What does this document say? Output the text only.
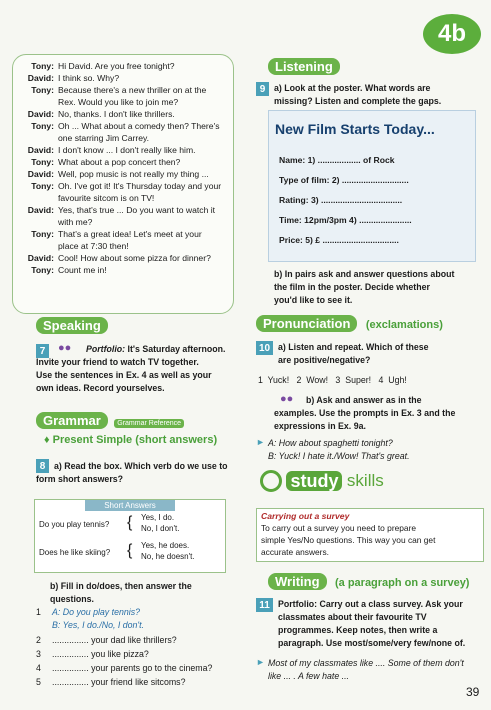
4b
Tony: Hi David. Are you free tonight?
David: I think so. Why?
Tony: Because there's a new thriller on at the Rex. Would you like to join me?
David: No, thanks. I don't like thrillers.
Tony: Oh ... What about a comedy then? There's one starring Jim Carrey.
David: I don't know ... I don't really like him.
Tony: What about a pop concert then?
David: Well, pop music is not really my thing ...
Tony: Oh. I've got it! It's Thursday today and your favourite sitcom is on TV!
David: Yes, that's true ... Do you want to watch it with me?
Tony: That's a great idea! Let's meet at your place at 7:30 then!
David: Cool! How about some pizza for dinner?
Tony: Count me in!
Speaking
7	●● Portfolio: It's Saturday afternoon.
Invite your friend to watch TV together.
Use the sentences in Ex. 4 as well as your
own ideas. Record yourselves.
Grammar Grammar Reference
♦ Present Simple (short answers)
8 a) Read the box. Which verb do we use to
form short answers?
Short Answers
Do you play tennis? { Yes, I do.
No, I don't.
Does he like skiing? { Yes, he does.
No, he doesn't.
b) Fill in do/does, then answer the
questions.
1 A: Do you play tennis?
B: Yes, I do./No, I don't.
2 ............... your dad like thrillers?
3 ............... you like pizza?
4 ............... your parents go to the cinema?
5 ............... your friend like sitcoms?
Listening
9 a) Look at the poster. What words are
missing? Listen and complete the gaps.
New Film Starts Today...
Name: 1) .................. of Rock
Type of film: 2) ............................
Rating: 3) ..................................
Time: 12pm/3pm 4) ......................
Price: 5) £ ................................
b) In pairs ask and answer questions about
the film in the poster. Decide whether
you'd like to see it.
Pronunciation (exclamations)
10 a) Listen and repeat. Which of these
are positive/negative?
1  Yuck!   2  Wow!   3  Super!   4  Ugh!
●● b) Ask and answer as in the
examples. Use the prompts in Ex. 3 and the
expressions in Ex. 9a.
► A: How about spaghetti tonight?
B: Yuck! I hate it./Wow! That's great.
study skills
Carrying out a survey
To carry out a survey you need to prepare
simple Yes/No questions. This way you can get
accurate answers.
Writing (a paragraph on a survey)
11 Portfolio: Carry out a class survey. Ask your
classmates about their favourite TV
programmes. Keep notes, then write a
paragraph. Use most/some/very few/none of.
► Most of my classmates like .... Some of them don't
like ... . A few hate ...
39
